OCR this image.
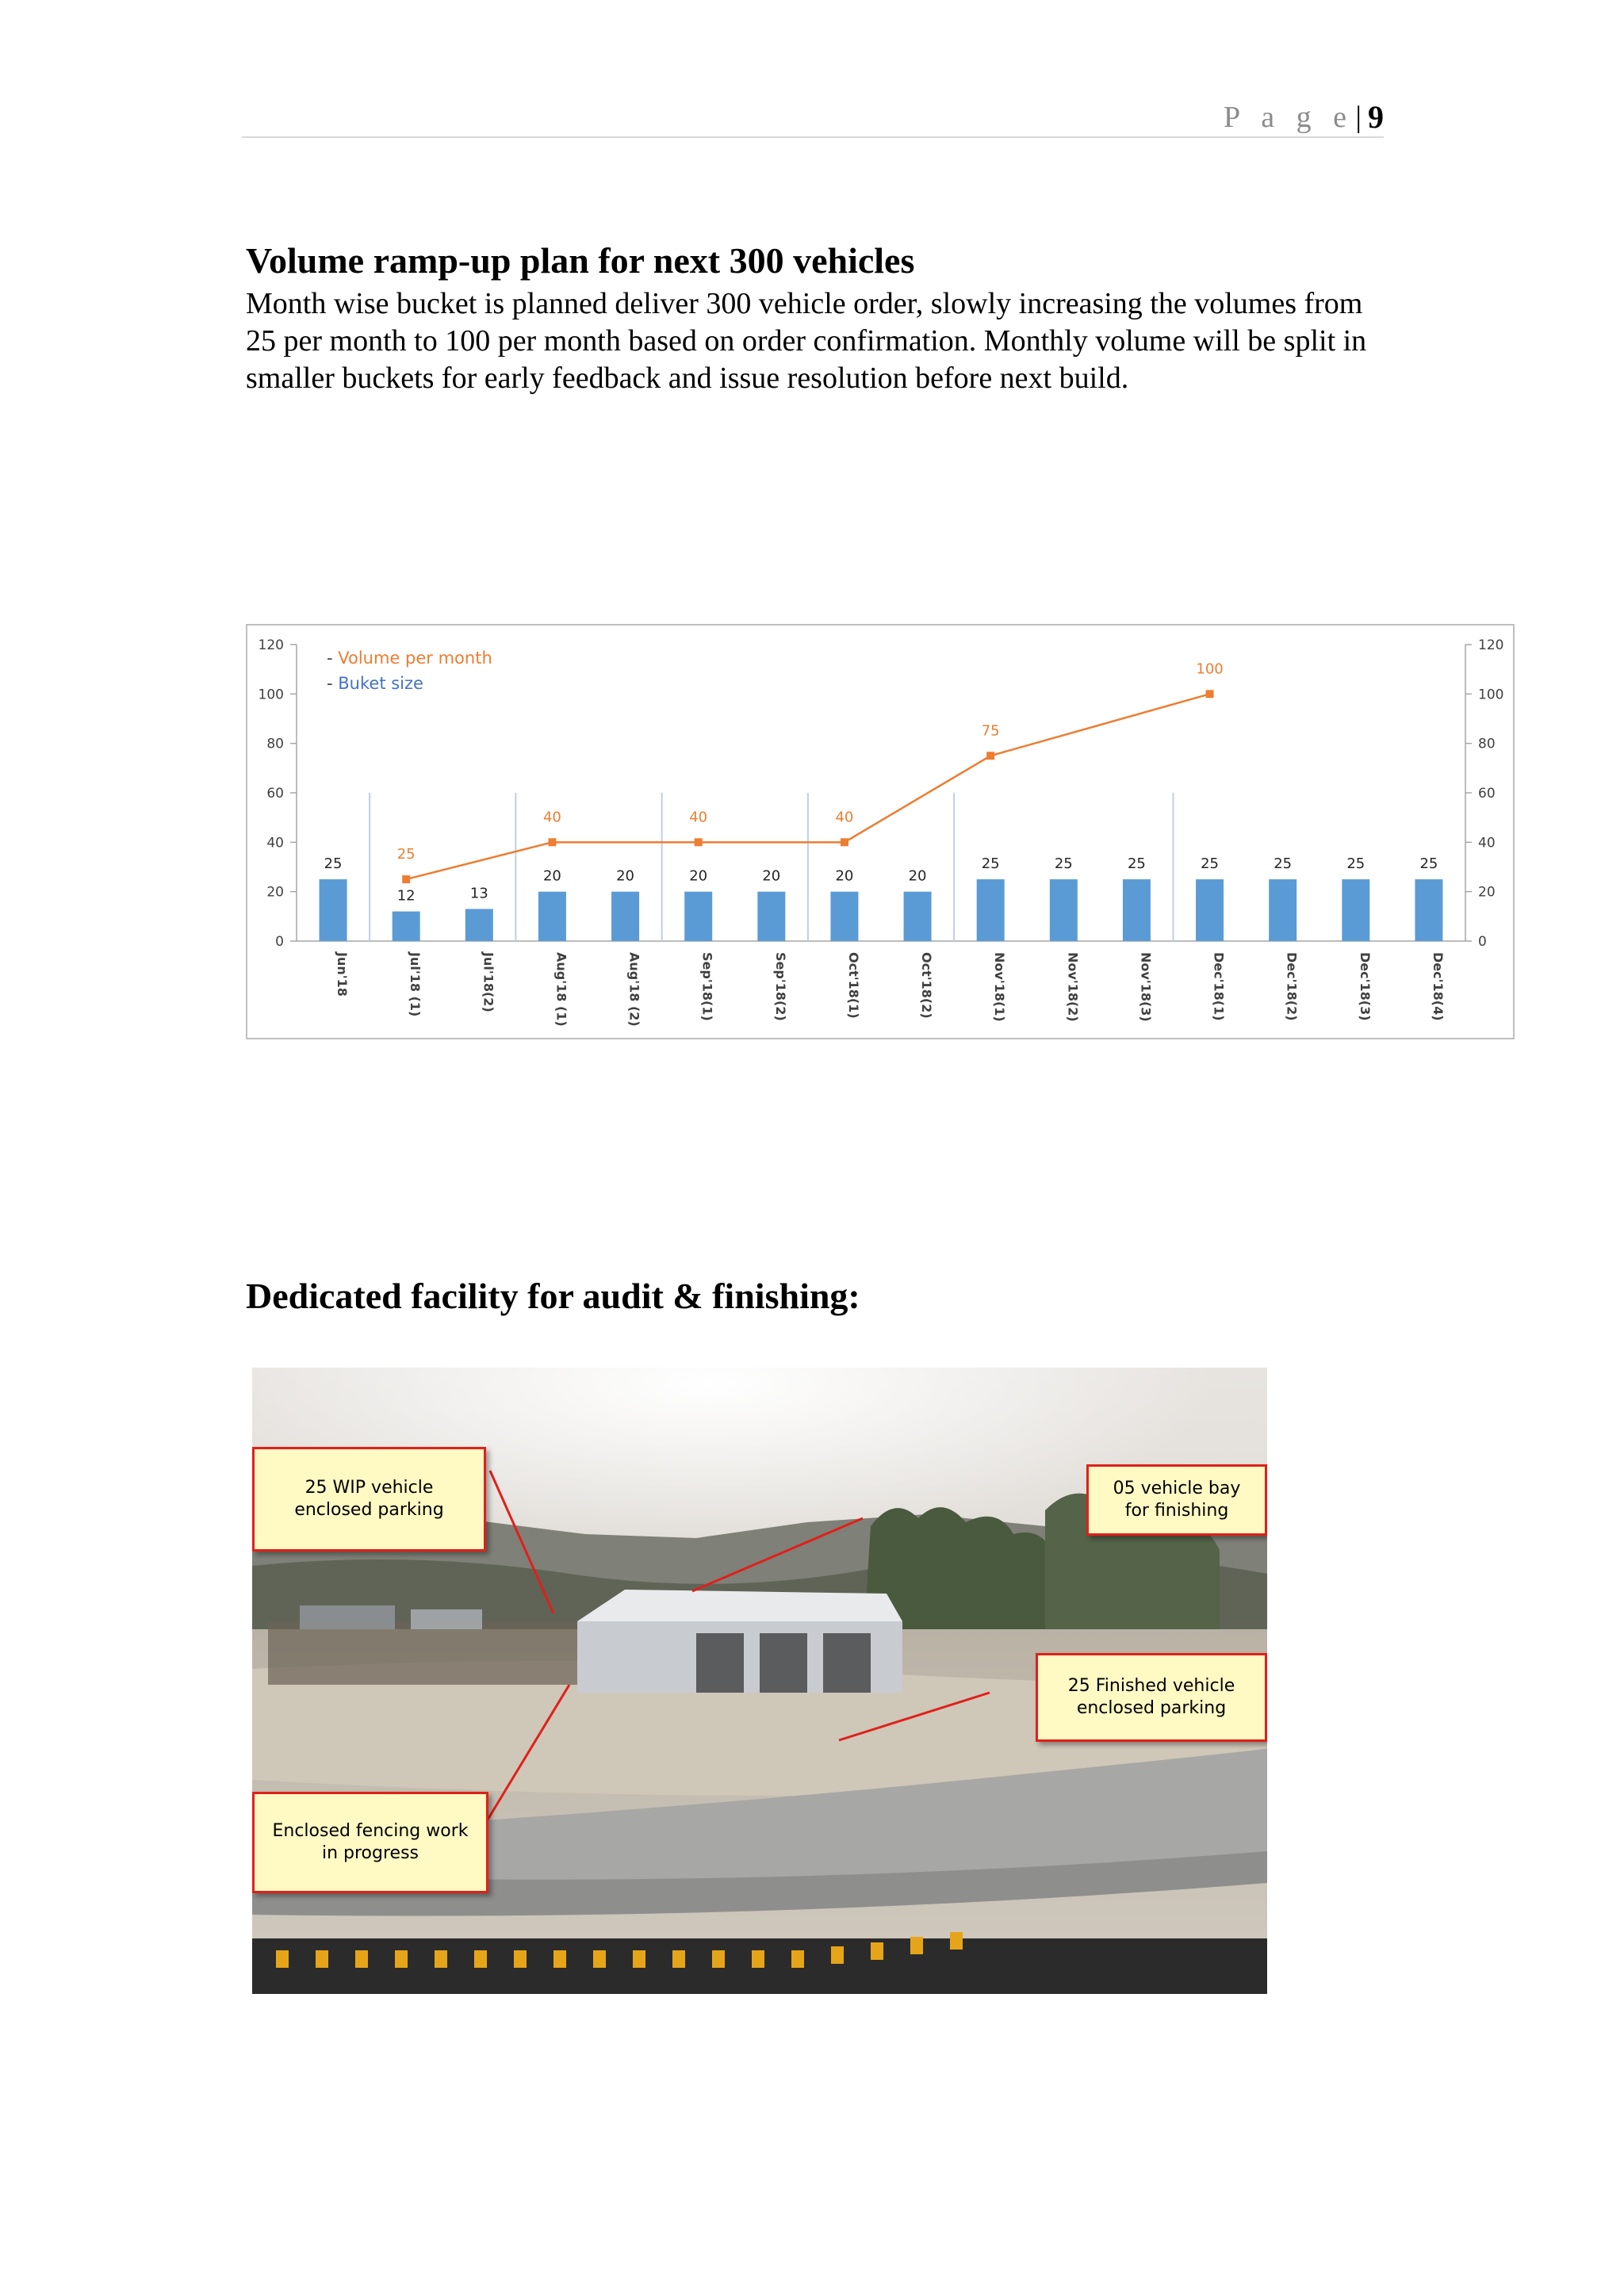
P a g e | 9
Volume ramp-up plan for next 300 vehicles
Month wise bucket is planned deliver 300 vehicle order, slowly increasing the volumes from 25 per month to 100 per month based on order confirmation. Monthly volume will be split in smaller buckets for early feedback and issue resolution before next build.
0
20
40
60
80
100
120
0
20
40
60
80
100
120
25
12	13
20	20	20	20	20	20
25	25	25	25	25	25	25
25
40	40	40
75
100
Jun'18	Jul'18 (1)	Jul'18(2)	Aug'18 (1)	Aug'18 (2)	Sep'18(1)	Sep'18(2)	Oct'18(1)	Oct'18(2)	Nov'18(1)	Nov'18(2)	Nov'18(3)	Dec'18(1)	Dec'18(2)	Dec'18(3)	Dec'18(4)
- Volume per month
- Buket size
Dedicated facility for audit & finishing:
25 WIP vehicle
enclosed parking
05 vehicle bay
for finishing
25 Finished vehicle
enclosed parking
Enclosed fencing work
in progress
